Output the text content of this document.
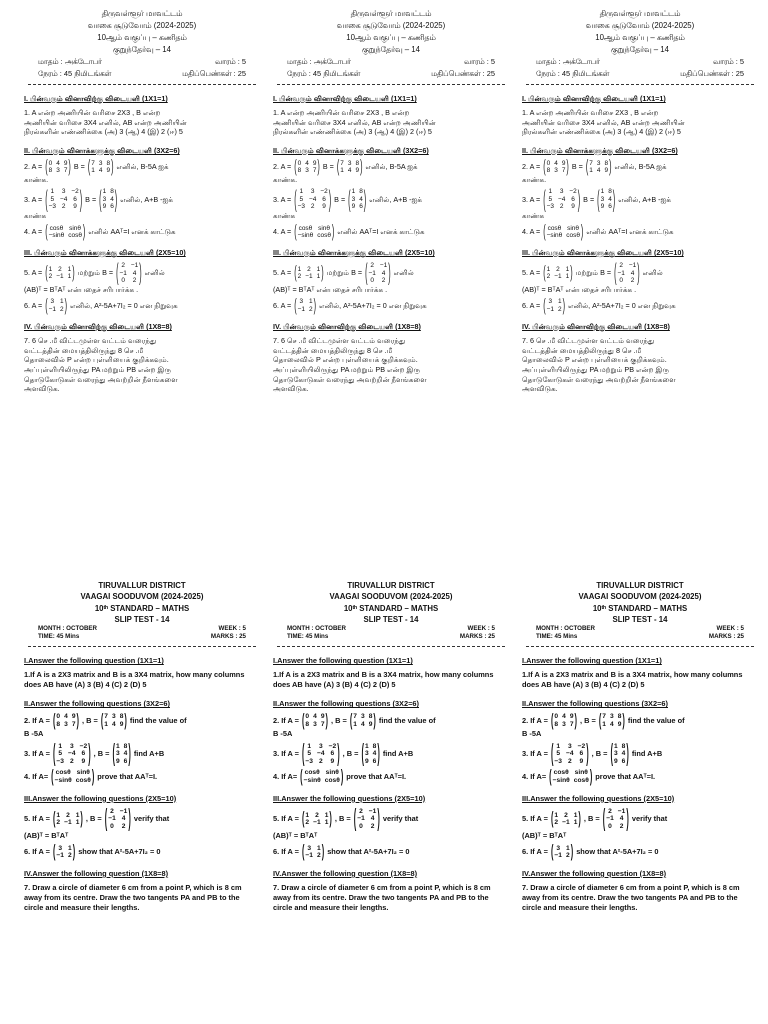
திருவள்ளூர் மாவட்டம்
வாகை சூடுவோம் (2024-2025)
10ஆம் வகுப்பு – கணிதம்
குறுந்தேர்வு – 14
மாதம் : அக்டோபர்	வாரம் : 5
நேரம் : 45 நிமிடங்கள்	மதிப்பெண்கள் : 25
I. பின்வரும் வினாவிற்கு விடையளி (1X1=1)
1. A என்ற அணியின் வரிசை 2X3 , B என்ற
அணியின் வரிசை 3X4 எனில், AB என்ற அணியின்
நிரல்களின் எண்ணிக்கை (அ) 3 (ஆ) 4 (இ) 2 (ஈ) 5
II. பின்வரும் வினாக்களுக்கு விடையளி (3X2=6)
2. A = ( 0 4 9
8 3 7 ) B = ( 7 3 8
1 4 9 ) எனில், B-5A ஐக்
காண்க.
3. A = ( 1 3 −2
5 −4 6
−3 2 9 ) B = ( 1 8
3 4
9 6 ) எனில், A+B -ஐக்
காண்க
4. A = ( cosθ sinθ
−sinθ cosθ ) எனில் AAᵀ=I எனக் காட்டுக
III. பின்வரும் வினாக்களுக்கு விடையளி (2X5=10)
5. A = ( 1 2 1
2 −1 1 ) மற்றும் B = ( 2 −1
−1 4
0 2 ) எனில்
(AB)ᵀ = BᵀAᵀ என்பதைச் சரிபார்க்க .
6. A = ( 3 1
−1 2 ) எனில், A²-5A+7I₂ = 0 என நிறுவுக
IV. பின்வரும் வினாவிற்கு விடையளி (1X8=8)
7. 6 செ .மீ விட்டமுள்ள வட்டம் வரைந்து
வட்டத்தின் மையத்திலிருந்து 8 செ .மீ
தொலைவில் P என்ற புள்ளியைக் குறிக்கவும்.
அப்புள்ளியிலிருந்து PA மற்றும் PB என்ற இரு
தொடுகோடுகள் வரைந்து அவற்றின் நீளங்களை
அளவிடுக.
திருவள்ளூர் மாவட்டம்
வாகை சூடுவோம் (2024-2025)
10ஆம் வகுப்பு – கணிதம்
குறுந்தேர்வு – 14
மாதம் : அக்டோபர்	வாரம் : 5
நேரம் : 45 நிமிடங்கள்	மதிப்பெண்கள் : 25
I. பின்வரும் வினாவிற்கு விடையளி (1X1=1)
1. A என்ற அணியின் வரிசை 2X3 , B என்ற
அணியின் வரிசை 3X4 எனில், AB என்ற அணியின்
நிரல்களின் எண்ணிக்கை (அ) 3 (ஆ) 4 (இ) 2 (ஈ) 5
II. பின்வரும் வினாக்களுக்கு விடையளி (3X2=6)
2. A = ( 0 4 9
8 3 7 ) B = ( 7 3 8
1 4 9 ) எனில், B-5A ஐக்
காண்க.
3. A = ( 1 3 −2
5 −4 6
−3 2 9 ) B = ( 1 8
3 4
9 6 ) எனில், A+B -ஐக்
காண்க
4. A = ( cosθ sinθ
−sinθ cosθ ) எனில் AAᵀ=I எனக் காட்டுக
III. பின்வரும் வினாக்களுக்கு விடையளி (2X5=10)
5. A = ( 1 2 1
2 −1 1 ) மற்றும் B = ( 2 −1
−1 4
0 2 ) எனில்
(AB)ᵀ = BᵀAᵀ என்பதைச் சரிபார்க்க .
6. A = ( 3 1
−1 2 ) எனில், A²-5A+7I₂ = 0 என நிறுவுக
IV. பின்வரும் வினாவிற்கு விடையளி (1X8=8)
7. 6 செ .மீ விட்டமுள்ள வட்டம் வரைந்து
வட்டத்தின் மையத்திலிருந்து 8 செ .மீ
தொலைவில் P என்ற புள்ளியைக் குறிக்கவும்.
அப்புள்ளியிலிருந்து PA மற்றும் PB என்ற இரு
தொடுகோடுகள் வரைந்து அவற்றின் நீளங்களை
அளவிடுக.
திருவள்ளூர் மாவட்டம்
வாகை சூடுவோம் (2024-2025)
10ஆம் வகுப்பு – கணிதம்
குறுந்தேர்வு – 14
மாதம் : அக்டோபர்	வாரம் : 5
நேரம் : 45 நிமிடங்கள்	மதிப்பெண்கள் : 25
I. பின்வரும் வினாவிற்கு விடையளி (1X1=1)
1. A என்ற அணியின் வரிசை 2X3 , B என்ற
அணியின் வரிசை 3X4 எனில், AB என்ற அணியின்
நிரல்களின் எண்ணிக்கை (அ) 3 (ஆ) 4 (இ) 2 (ஈ) 5
II. பின்வரும் வினாக்களுக்கு விடையளி (3X2=6)
2. A = ( 0 4 9
8 3 7 ) B = ( 7 3 8
1 4 9 ) எனில், B-5A ஐக்
காண்க.
3. A = ( 1 3 −2
5 −4 6
−3 2 9 ) B = ( 1 8
3 4
9 6 ) எனில், A+B -ஐக்
காண்க
4. A = ( cosθ sinθ
−sinθ cosθ ) எனில் AAᵀ=I எனக் காட்டுக
III. பின்வரும் வினாக்களுக்கு விடையளி (2X5=10)
5. A = ( 1 2 1
2 −1 1 ) மற்றும் B = ( 2 −1
−1 4
0 2 ) எனில்
(AB)ᵀ = BᵀAᵀ என்பதைச் சரிபார்க்க .
6. A = ( 3 1
−1 2 ) எனில், A²-5A+7I₂ = 0 என நிறுவுக
IV. பின்வரும் வினாவிற்கு விடையளி (1X8=8)
7. 6 செ .மீ விட்டமுள்ள வட்டம் வரைந்து
வட்டத்தின் மையத்திலிருந்து 8 செ .மீ
தொலைவில் P என்ற புள்ளியைக் குறிக்கவும்.
அப்புள்ளியிலிருந்து PA மற்றும் PB என்ற இரு
தொடுகோடுகள் வரைந்து அவற்றின் நீளங்களை
அளவிடுக.
TIRUVALLUR DISTRICT
VAAGAI SOODUVOM (2024-2025)
10ᵗʰ STANDARD – MATHS
SLIP TEST - 14
MONTH : OCTOBER	WEEK : 5
TIME: 45 Mins	MARKS : 25
I.Answer the following question (1X1=1)
1.If A is a 2X3 matrix and B is a 3X4 matrix, how many columns does AB have (A) 3 (B) 4 (C) 2 (D) 5
II.Answer the following questions (3X2=6)
2. If A = ( 0 4 9
8 3 7 ) , B = ( 7 3 8
1 4 9 ) find the value of
B -5A
3. If A = ( 1 3 −2
5 −4 6
−3 2 9 ) , B = ( 1 8
3 4
9 6 ) find A+B
4. If A= ( cosθ sinθ
−sinθ cosθ ) prove that AAᵀ=I.
III.Answer the following questions (2X5=10)
5. If A = ( 1 2 1
2 −1 1 ) , B = ( 2 −1
−1 4
0 2 ) verify that
(AB)ᵀ = BᵀAᵀ
6. If A = ( 3 1
−1 2 ) show that A²-5A+7I₂ = 0
IV.Answer the following question (1X8=8)
7. Draw a circle of diameter 6 cm from a point P, which is 8 cm away from its centre. Draw the two tangents PA and PB to the circle and measure their lengths.
TIRUVALLUR DISTRICT
VAAGAI SOODUVOM (2024-2025)
10ᵗʰ STANDARD – MATHS
SLIP TEST - 14
MONTH : OCTOBER	WEEK : 5
TIME: 45 Mins	MARKS : 25
I.Answer the following question (1X1=1)
1.If A is a 2X3 matrix and B is a 3X4 matrix, how many columns does AB have (A) 3 (B) 4 (C) 2 (D) 5
II.Answer the following questions (3X2=6)
2. If A = ( 0 4 9
8 3 7 ) , B = ( 7 3 8
1 4 9 ) find the value of
B -5A
3. If A = ( 1 3 −2
5 −4 6
−3 2 9 ) , B = ( 1 8
3 4
9 6 ) find A+B
4. If A= ( cosθ sinθ
−sinθ cosθ ) prove that AAᵀ=I.
III.Answer the following questions (2X5=10)
5. If A = ( 1 2 1
2 −1 1 ) , B = ( 2 −1
−1 4
0 2 ) verify that
(AB)ᵀ = BᵀAᵀ
6. If A = ( 3 1
−1 2 ) show that A²-5A+7I₂ = 0
IV.Answer the following question (1X8=8)
7. Draw a circle of diameter 6 cm from a point P, which is 8 cm away from its centre. Draw the two tangents PA and PB to the circle and measure their lengths.
TIRUVALLUR DISTRICT
VAAGAI SOODUVOM (2024-2025)
10ᵗʰ STANDARD – MATHS
SLIP TEST - 14
MONTH : OCTOBER	WEEK : 5
TIME: 45 Mins	MARKS : 25
I.Answer the following question (1X1=1)
1.If A is a 2X3 matrix and B is a 3X4 matrix, how many columns does AB have (A) 3 (B) 4 (C) 2 (D) 5
II.Answer the following questions (3X2=6)
2. If A = ( 0 4 9
8 3 7 ) , B = ( 7 3 8
1 4 9 ) find the value of
B -5A
3. If A = ( 1 3 −2
5 −4 6
−3 2 9 ) , B = ( 1 8
3 4
9 6 ) find A+B
4. If A= ( cosθ sinθ
−sinθ cosθ ) prove that AAᵀ=I.
III.Answer the following questions (2X5=10)
5. If A = ( 1 2 1
2 −1 1 ) , B = ( 2 −1
−1 4
0 2 ) verify that
(AB)ᵀ = BᵀAᵀ
6. If A = ( 3 1
−1 2 ) show that A²-5A+7I₂ = 0
IV.Answer the following question (1X8=8)
7. Draw a circle of diameter 6 cm from a point P, which is 8 cm away from its centre. Draw the two tangents PA and PB to the circle and measure their lengths.
